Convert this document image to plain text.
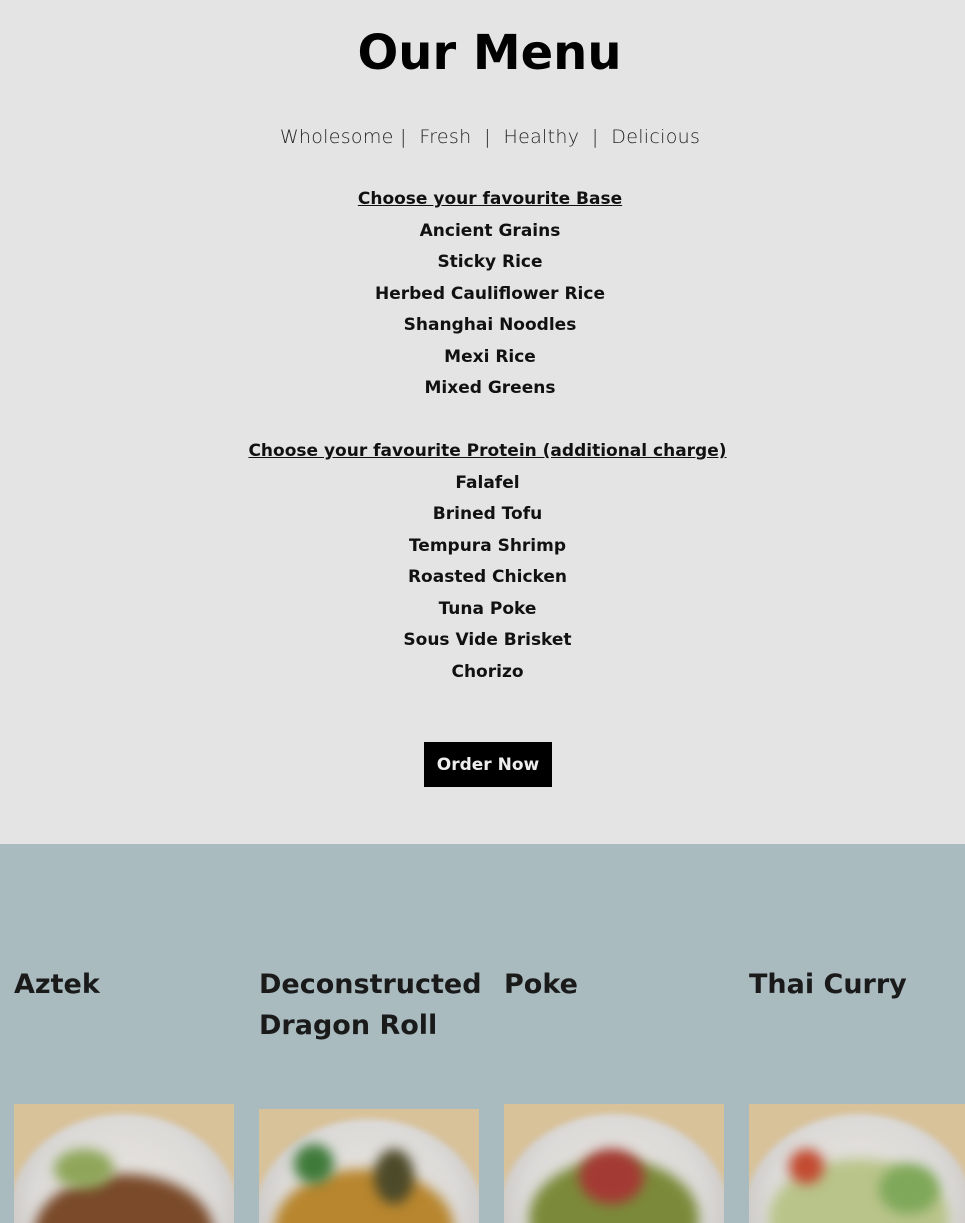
Our Menu
Wholesome |  Fresh  |  Healthy  |  Delicious
Choose your favourite Base
Ancient Grains
Sticky Rice
Herbed Cauliflower Rice
Shanghai Noodles
Mexi Rice
Mixed Greens
Choose your favourite Protein (additional charge)
Falafel
Brined Tofu
Tempura Shrimp
Roasted Chicken
Tuna Poke
Sous Vide Brisket
Chorizo
Order Now
Aztek	Deconstructed Dragon Roll
Poke	Thai Curry
